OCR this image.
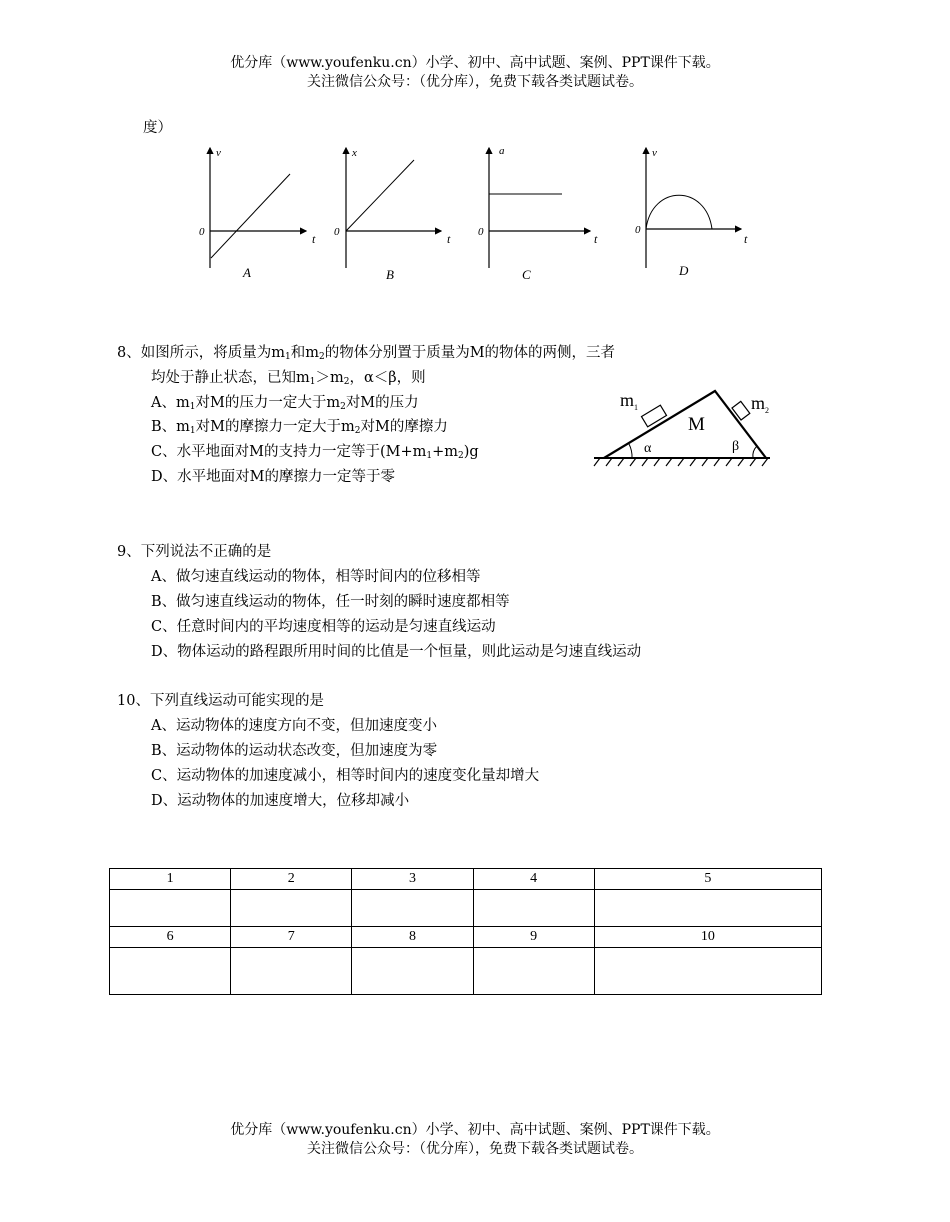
优分库（www.youfenku.cn）小学、初中、高中试题、案例、PPT课件下载。
关注微信公众号：（优分库），免费下载各类试题试卷。
度）
v
t
0
A
x
t
0
B
a
t
0
C
v
t
0
D
8、如图所示，将质量为$m_1$和$m_2$的物体分别置于质量为M的物体的两侧，三者
均处于静止状态，已知$m_1>m_2$，α＜β，则
A、$m_1$对M的压力一定大于$m_2$对M的压力
B、$m_1$对M的摩擦力一定大于$m_2$对M的摩擦力
C、水平地面对M的支持力一定等于$(M+m_1+m_2)g$
D、水平地面对M的摩擦力一定等于零
$m_1$	$m_2$
M
α	β
9、下列说法不正确的是
A、做匀速直线运动的物体，相等时间内的位移相等
B、做匀速直线运动的物体，任一时刻的瞬时速度都相等
C、任意时间内的平均速度相等的运动是匀速直线运动
D、物体运动的路程跟所用时间的比值是一个恒量，则此运动是匀速直线运动
10、下列直线运动可能实现的是
A、运动物体的速度方向不变，但加速度变小
B、运动物体的运动状态改变，但加速度为零
C、运动物体的加速度减小，相等时间内的速度变化量却增大
D、运动物体的加速度增大，位移却减小
1	2	3	4	5

6	7	8	9	10

优分库（www.youfenku.cn）小学、初中、高中试题、案例、PPT课件下载。
关注微信公众号：（优分库），免费下载各类试题试卷。
